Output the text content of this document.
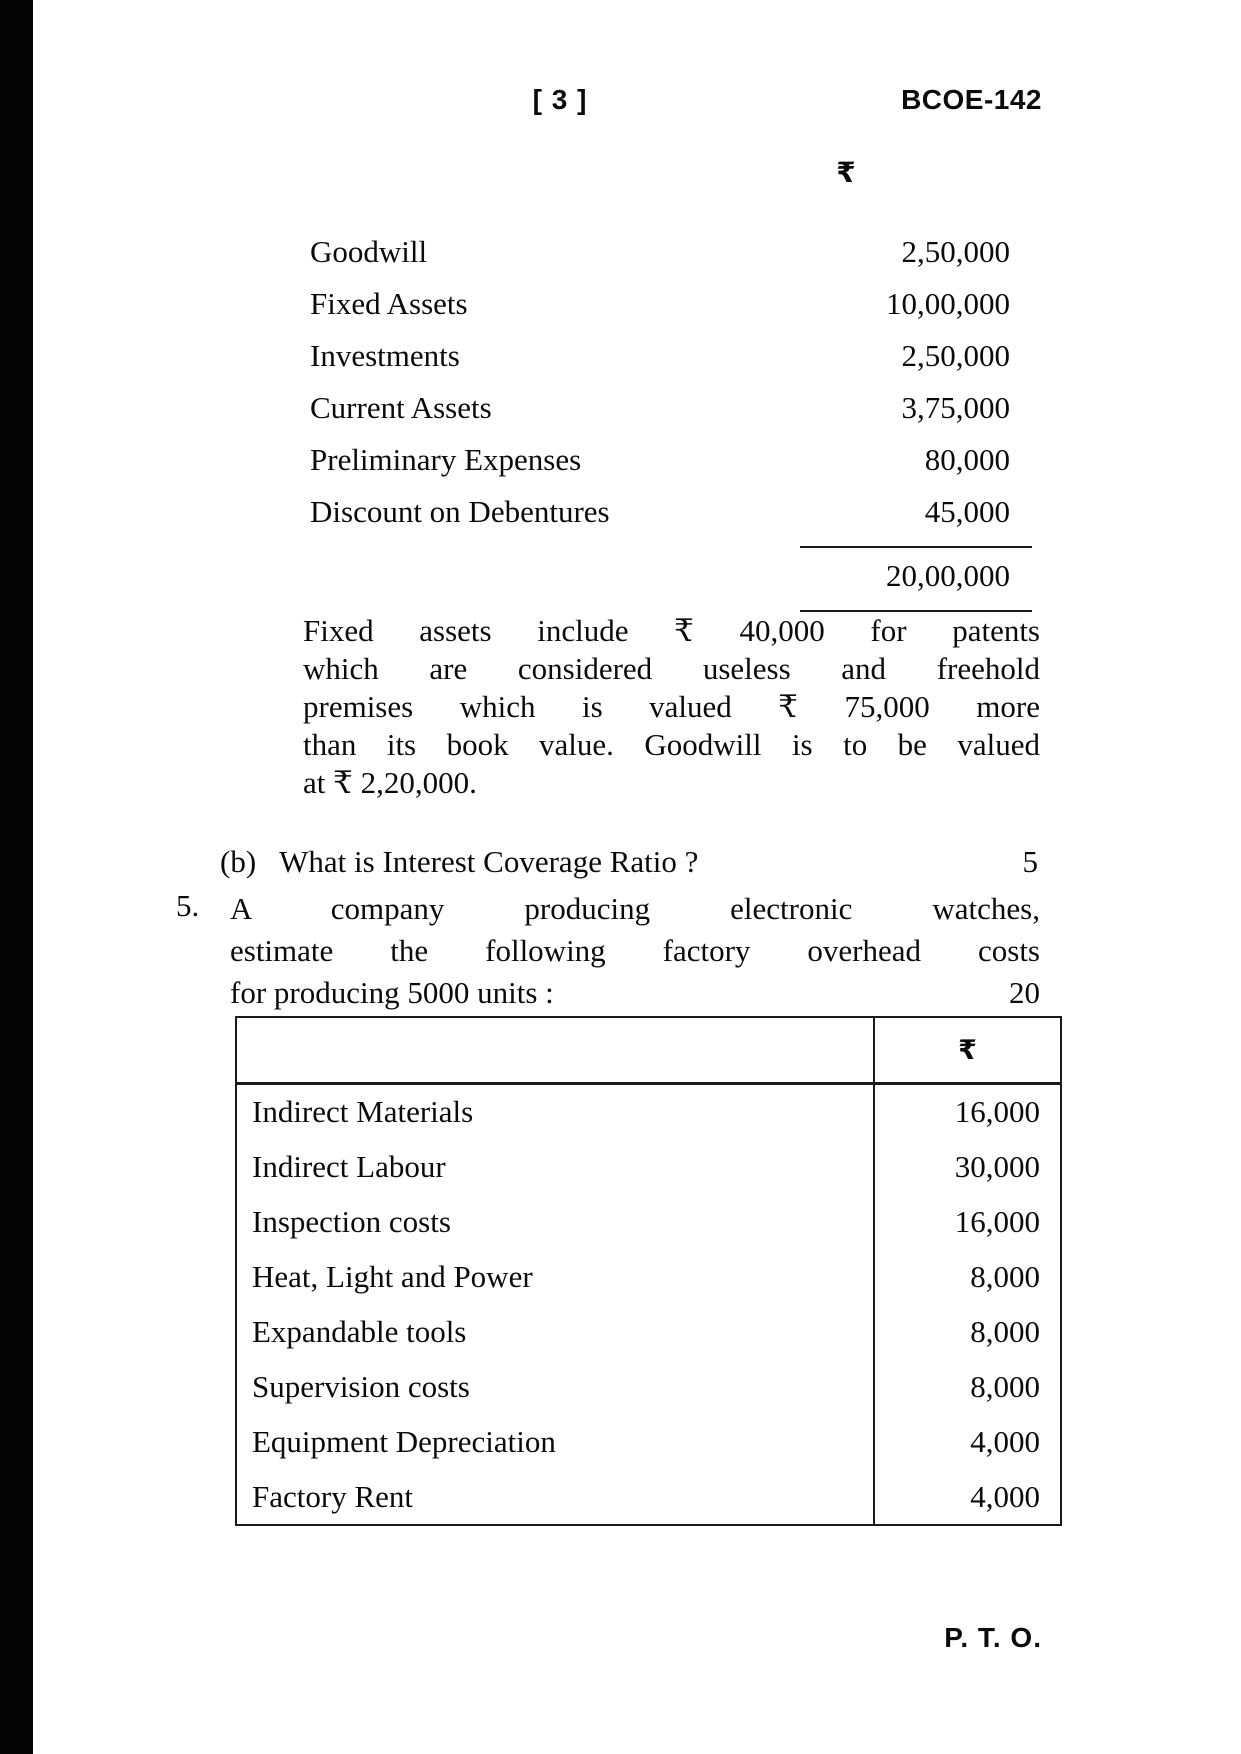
[ 3 ]	BCOE-142
₹
Goodwill	2,50,000
Fixed Assets	10,00,000
Investments	2,50,000
Current Assets	3,75,000
Preliminary Expenses	80,000
Discount on Debentures	45,000
20,00,000
Fixed assets include ₹ 40,000 for patents
which are considered useless and freehold
premises which is valued ₹ 75,000 more
than its book value. Goodwill is to be valued
at ₹ 2,20,000.
(b) What is Interest Coverage Ratio ?	5
5. A company producing electronic watches,
estimate the following factory overhead costs
for producing 5000 units :	20
₹
Indirect Materials	16,000
Indirect Labour	30,000
Inspection costs	16,000
Heat, Light and Power	8,000
Expandable tools	8,000
Supervision costs	8,000
Equipment Depreciation	4,000
Factory Rent	4,000
P. T. O.
